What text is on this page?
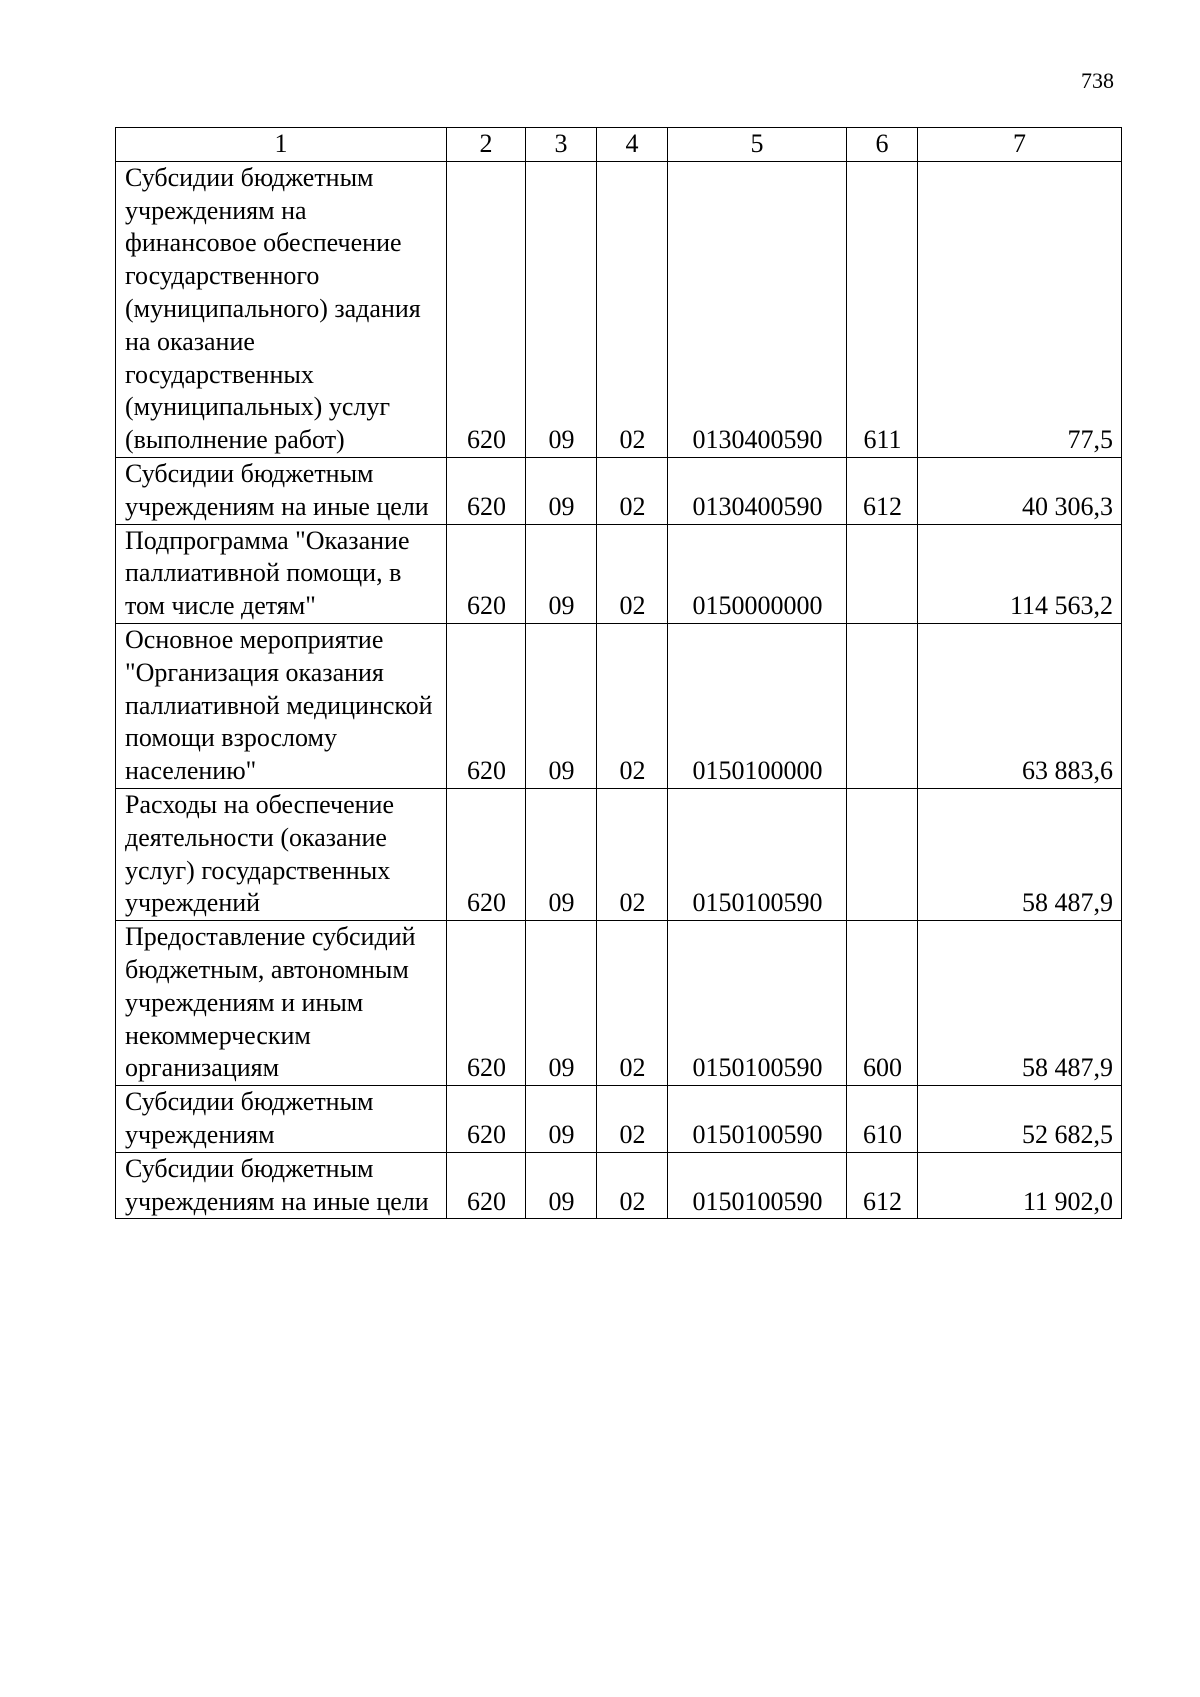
738
1	2	3	4	5	6	7
Субсидии бюджетным учреждениям на финансовое обеспечение государственного (муниципального) задания на оказание государственных (муниципальных) услуг (выполнение работ)	620	09	02	0130400590	611	77,5
Субсидии бюджетным учреждениям на иные цели	620	09	02	0130400590	612	40 306,3
Подпрограмма "Оказание паллиативной помощи, в том числе детям"	620	09	02	0150000000		114 563,2
Основное мероприятие "Организация оказания паллиативной медицинской помощи взрослому населению"	620	09	02	0150100000		63 883,6
Расходы на обеспечение деятельности (оказание услуг) государственных учреждений	620	09	02	0150100590		58 487,9
Предоставление субсидий бюджетным, автономным учреждениям и иным некоммерческим организациям	620	09	02	0150100590	600	58 487,9
Субсидии бюджетным учреждениям	620	09	02	0150100590	610	52 682,5
Субсидии бюджетным учреждениям на иные цели	620	09	02	0150100590	612	11 902,0
